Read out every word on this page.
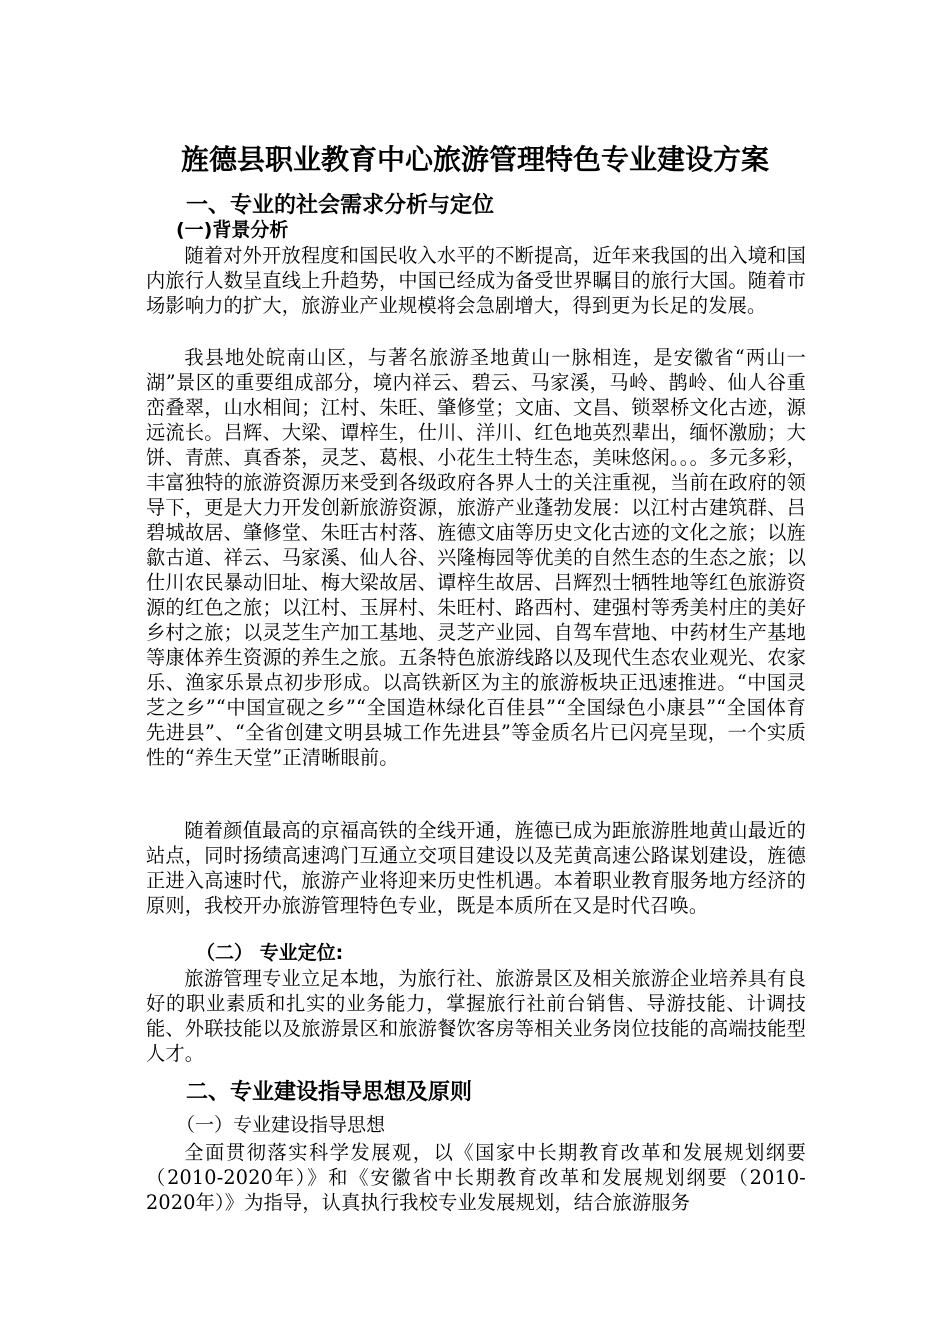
旌德县职业教育中心旅游管理特色专业建设方案
一、专业的社会需求分析与定位
(一)背景分析
随着对外开放程度和国民收入水平的不断提高，近年来我国的出入境和国内旅行人数呈直线上升趋势，中国已经成为备受世界瞩目的旅行大国。随着市场影响力的扩大，旅游业产业规模将会急剧增大，得到更为长足的发展。
我县地处皖南山区，与著名旅游圣地黄山一脉相连，是安徽省“两山一湖”景区的重要组成部分，境内祥云、碧云、马家溪，马岭、鹊岭、仙人谷重峦叠翠，山水相间；江村、朱旺、肇修堂；文庙、文昌、锁翠桥文化古迹，源远流长。吕辉、大梁、谭梓生，仕川、洋川、红色地英烈辈出，缅怀激励；大饼、青蔗、真香茶，灵芝、葛根、小花生土特生态，美味悠闲。。。多元多彩，丰富独特的旅游资源历来受到各级政府各界人士的关注重视，当前在政府的领导下，更是大力开发创新旅游资源，旅游产业蓬勃发展：以江村古建筑群、吕碧城故居、肇修堂、朱旺古村落、旌德文庙等历史文化古迹的文化之旅；以旌歙古道、祥云、马家溪、仙人谷、兴隆梅园等优美的自然生态的生态之旅；以仕川农民暴动旧址、梅大梁故居、谭梓生故居、吕辉烈士牺牲地等红色旅游资源的红色之旅；以江村、玉屏村、朱旺村、路西村、建强村等秀美村庄的美好乡村之旅；以灵芝生产加工基地、灵芝产业园、自驾车营地、中药材生产基地等康体养生资源的养生之旅。五条特色旅游线路以及现代生态农业观光、农家乐、渔家乐景点初步形成。以高铁新区为主的旅游板块正迅速推进。“中国灵芝之乡”“中国宣砚之乡”“全国造林绿化百佳县”“全国绿色小康县”“全国体育先进县”、“全省创建文明县城工作先进县”等金质名片已闪亮呈现，一个实质性的“养生天堂”正清晰眼前。
随着颜值最高的京福高铁的全线开通，旌德已成为距旅游胜地黄山最近的站点，同时扬绩高速鸿门互通立交项目建设以及芜黄高速公路谋划建设，旌德正进入高速时代，旅游产业将迎来历史性机遇。本着职业教育服务地方经济的原则，我校开办旅游管理特色专业，既是本质所在又是时代召唤。
（二） 专业定位:
旅游管理专业立足本地，为旅行社、旅游景区及相关旅游企业培养具有良好的职业素质和扎实的业务能力，掌握旅行社前台销售、导游技能、计调技能、外联技能以及旅游景区和旅游餐饮客房等相关业务岗位技能的高端技能型人才。
二、专业建设指导思想及原则
（一）专业建设指导思想
全面贯彻落实科学发展观，以《国家中长期教育改革和发展规划纲要（2010-2020年）》和《安徽省中长期教育改革和发展规划纲要（2010-2020年）》为指导，认真执行我校专业发展规划，结合旅游服务
